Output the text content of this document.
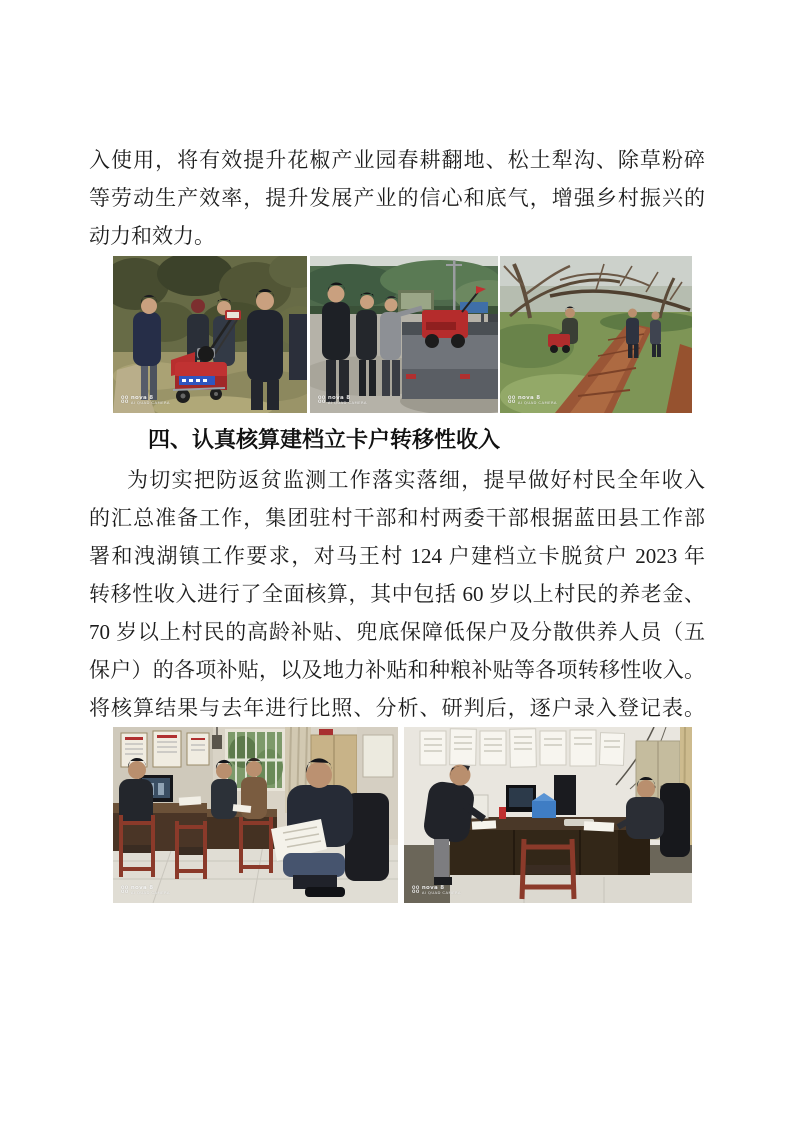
入使用，将有效提升花椒产业园春耕翻地、松土犁沟、除草粉碎
等劳动生产效率，提升发展产业的信心和底气，增强乡村振兴的
动力和效力。
OO
OO
nova 8
AI QUAD CAMERA
OO
OO
nova 8
AI QUAD CAMERA
OO
OO
nova 8
AI QUAD CAMERA
四、认真核算建档立卡户转移性收入
为切实把防返贫监测工作落实落细，提早做好村民全年收入
的汇总准备工作，集团驻村干部和村两委干部根据蓝田县工作部
署和洩湖镇工作要求，对马王村 124 户建档立卡脱贫户 2023 年
转移性收入进行了全面核算，其中包括 60 岁以上村民的养老金、
70 岁以上村民的高龄补贴、兜底保障低保户及分散供养人员（五
保户）的各项补贴，以及地力补贴和种粮补贴等各项转移性收入。
将核算结果与去年进行比照、分析、研判后，逐户录入登记表。
OO
OO
nova 8
AI QUAD CAMERA
OO
OO
nova 8
AI QUAD CAMERA
